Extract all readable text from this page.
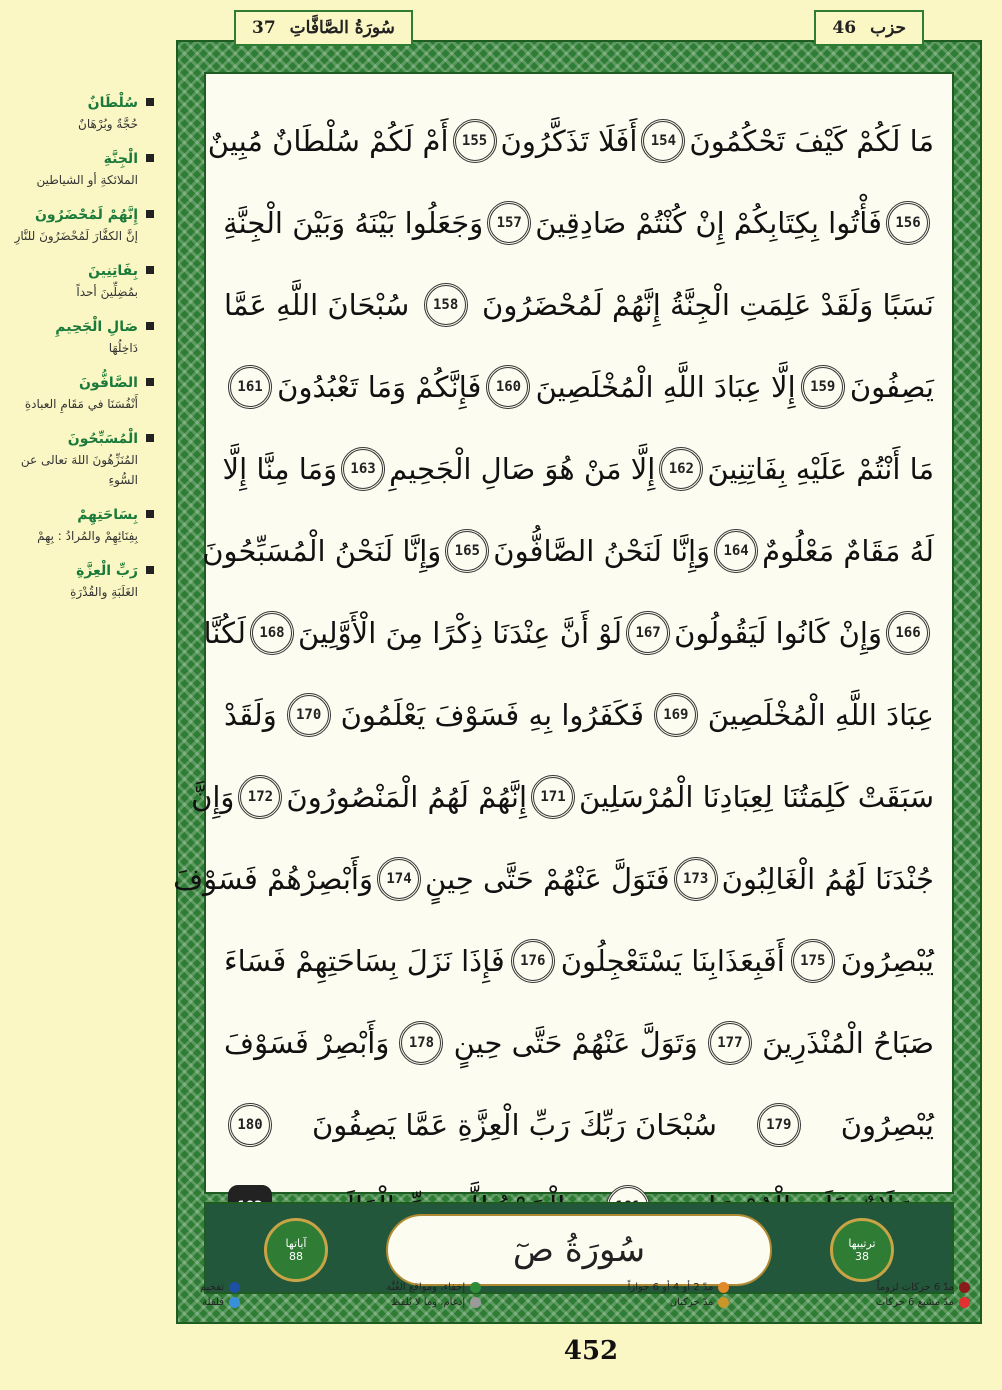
سُلْطَانٌ
حُجَّةٌ وبُرْهَانٌ
الْجِنَّةِ
الملائكةِ أو الشياطين
إِنَّهُمْ لَمُحْضَرُونَ
إنَّ الكفَّارَ لَمُحْضَرُونَ للنَّارِ
بِفَاتِنِينَ
بمُضِلِّينَ أحداً
صَالِ الْجَحِيمِ
دَاخِلُهَا
الصَّافُّونَ
أَنْفُسَنَا في مَقَامِ العبادةِ
الْمُسَبِّحُونَ
المُنَزِّهُونَ اللهَ تعالى عن السُّوءِ
بِسَاحَتِهِمْ
بِفِنَائِهِمْ والمُرادُ : بِهِمْ
رَبِّ الْعِزَّةِ
الغَلَبَةِ والقُدْرَةِ
سُورَةُ الصَّافَّاتِ
37	حزب
46
مَا لَكُمْ كَيْفَ تَحْكُمُونَ
154
أَفَلَا تَذَكَّرُونَ
155
أَمْ لَكُمْ سُلْطَانٌ مُبِينٌ
156
فَأْتُوا بِكِتَابِكُمْ إِنْ كُنْتُمْ صَادِقِينَ
157
وَجَعَلُوا بَيْنَهُ وَبَيْنَ الْجِنَّةِ
نَسَبًا وَلَقَدْ عَلِمَتِ الْجِنَّةُ إِنَّهُمْ لَمُحْضَرُونَ
158
سُبْحَانَ اللَّهِ عَمَّا
يَصِفُونَ
159
إِلَّا عِبَادَ اللَّهِ الْمُخْلَصِينَ
160
فَإِنَّكُمْ وَمَا تَعْبُدُونَ
161
مَا أَنْتُمْ عَلَيْهِ بِفَاتِنِينَ
162
إِلَّا مَنْ هُوَ صَالِ الْجَحِيمِ
163
وَمَا مِنَّا إِلَّا
لَهُ مَقَامٌ مَعْلُومٌ
164
وَإِنَّا لَنَحْنُ الصَّافُّونَ
165
وَإِنَّا لَنَحْنُ الْمُسَبِّحُونَ
166
وَإِنْ كَانُوا لَيَقُولُونَ
167
لَوْ أَنَّ عِنْدَنَا ذِكْرًا مِنَ الْأَوَّلِينَ
168
لَكُنَّا
عِبَادَ اللَّهِ الْمُخْلَصِينَ
169
فَكَفَرُوا بِهِ فَسَوْفَ يَعْلَمُونَ
170
وَلَقَدْ
سَبَقَتْ كَلِمَتُنَا لِعِبَادِنَا الْمُرْسَلِينَ
171
إِنَّهُمْ لَهُمُ الْمَنْصُورُونَ
172
وَإِنَّ
جُنْدَنَا لَهُمُ الْغَالِبُونَ
173
فَتَوَلَّ عَنْهُمْ حَتَّى حِينٍ
174
وَأَبْصِرْهُمْ فَسَوْفَ
يُبْصِرُونَ
175
أَفَبِعَذَابِنَا يَسْتَعْجِلُونَ
176
فَإِذَا نَزَلَ بِسَاحَتِهِمْ فَسَاءَ
صَبَاحُ الْمُنْذَرِينَ
177
وَتَوَلَّ عَنْهُمْ حَتَّى حِينٍ
178
وَأَبْصِرْ فَسَوْفَ
يُبْصِرُونَ
179
سُبْحَانَ رَبِّكَ رَبِّ الْعِزَّةِ عَمَّا يَصِفُونَ
180
ترتيبها
38
سُورَةُ صٓ
آياتها
88
مدّ 6 حركات لزوماً
مدّ مشبع 6 حركات
مدّ 2 أو 4 أو 6 جوازاً
مدّ حركتان
إخفاء، ومواقع الغُنَّة
إدغام، وما لا يُلفظ
تفخيم
قلقلة
452
